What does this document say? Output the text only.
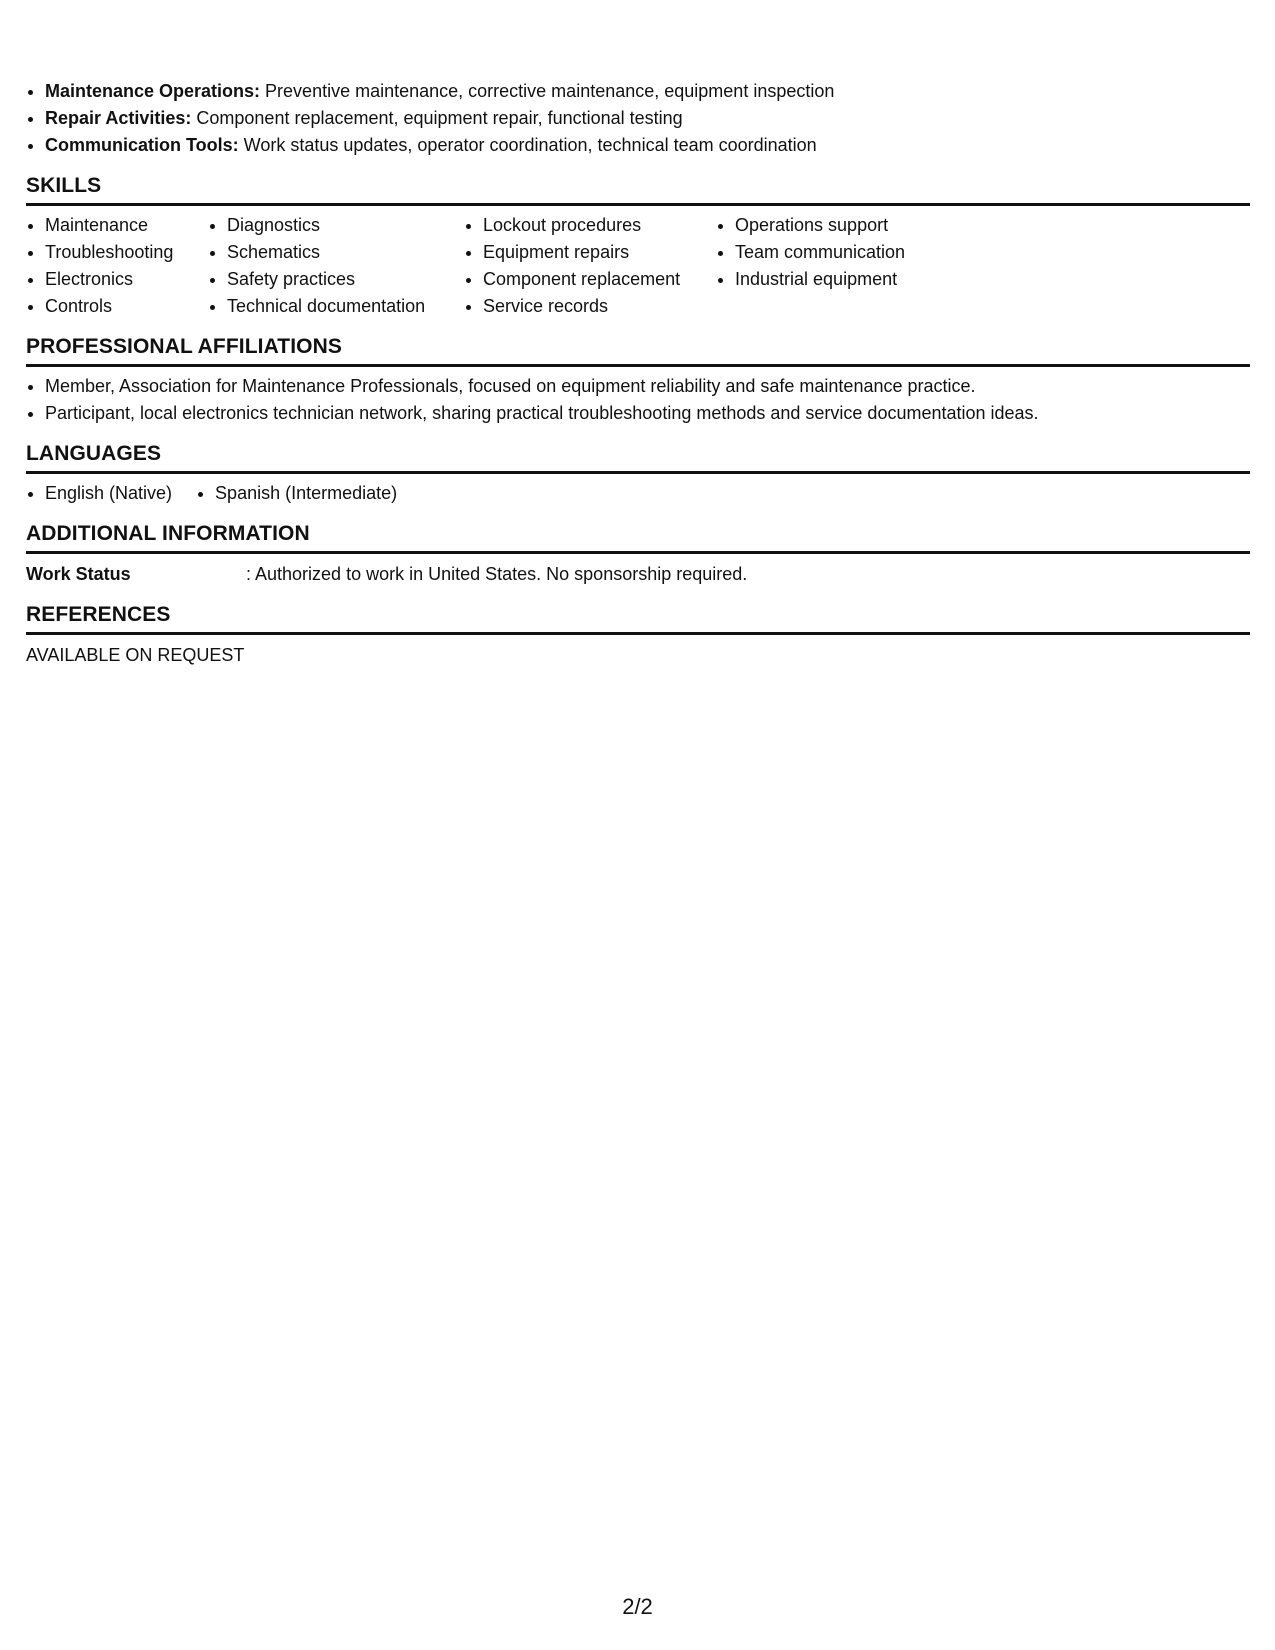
Maintenance Operations: Preventive maintenance, corrective maintenance, equipment inspection
Repair Activities: Component replacement, equipment repair, functional testing
Communication Tools: Work status updates, operator coordination, technical team coordination
SKILLS
Maintenance
Troubleshooting
Electronics
Controls
Diagnostics
Schematics
Safety practices
Technical documentation
Lockout procedures
Equipment repairs
Component replacement
Service records
Operations support
Team communication
Industrial equipment
PROFESSIONAL AFFILIATIONS
Member, Association for Maintenance Professionals, focused on equipment reliability and safe maintenance practice.
Participant, local electronics technician network, sharing practical troubleshooting methods and service documentation ideas.
LANGUAGES
English (Native)	Spanish (Intermediate)
ADDITIONAL INFORMATION
Work Status	: Authorized to work in United States. No sponsorship required.
REFERENCES
AVAILABLE ON REQUEST
2/2
